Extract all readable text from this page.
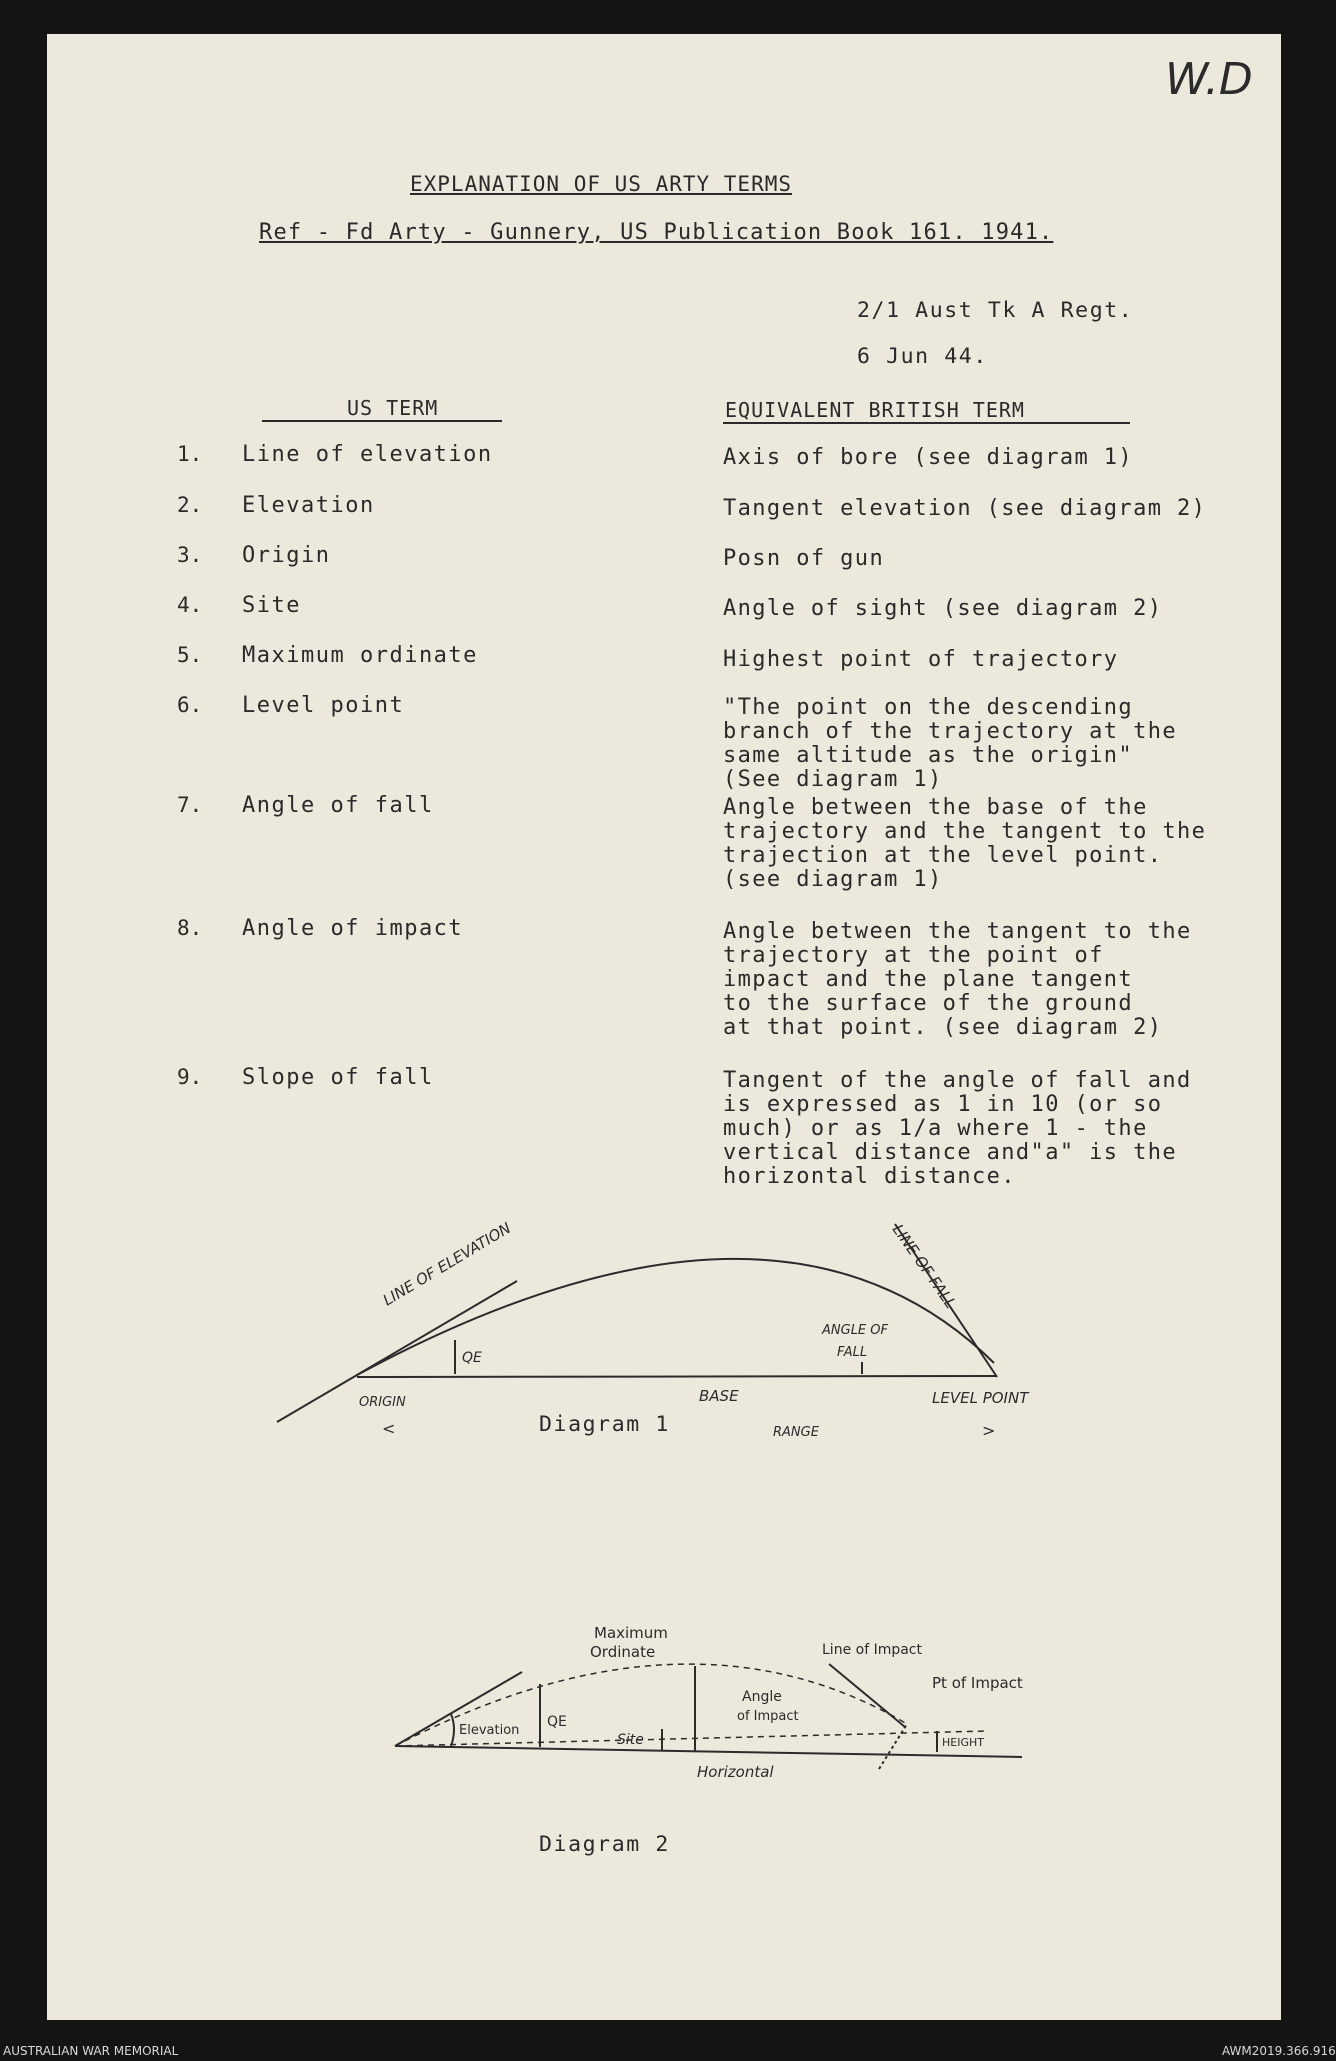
W.D
EXPLANATION OF US ARTY TERMS
Ref - Fd Arty - Gunnery, US Publication Book 161. 1941.
2/1 Aust Tk A Regt.
6 Jun 44.
US TERM	EQUIVALENT BRITISH TERM
1. Line of elevation	Axis of bore (see diagram 1)
2. Elevation	Tangent elevation (see diagram 2)
3. Origin	Posn of gun
4. Site	Angle of sight (see diagram 2)
5. Maximum ordinate	Highest point of trajectory
6. Level point	"The point on the descending
branch of the trajectory at the
same altitude as the origin"
(See diagram 1)
7. Angle of fall	Angle between the base of the
trajectory and the tangent to the
trajection at the level point.
(see diagram 1)
8. Angle of impact	Angle between the tangent to the
trajectory at the point of
impact and the plane tangent
to the surface of the ground
at that point. (see diagram 2)
9. Slope of fall	Tangent of the angle of fall and
is expressed as 1 in 10 (or so
much) or as 1/a where 1 - the
vertical distance and"a" is the
horizontal distance.
LINE OF ELEVATION	LINE OF FALL
QE
ANGLE OF
FALL
ORIGIN	BASE	LEVEL POINT
RANGE
<	>
Diagram 1
Maximum
Ordinate	Line of Impact
Pt of Impact
Angle
of Impact
QE
Elevation
Site	HEIGHT
Horizontal
Diagram 2
AUSTRALIAN WAR MEMORIAL	AWM2019.366.916
